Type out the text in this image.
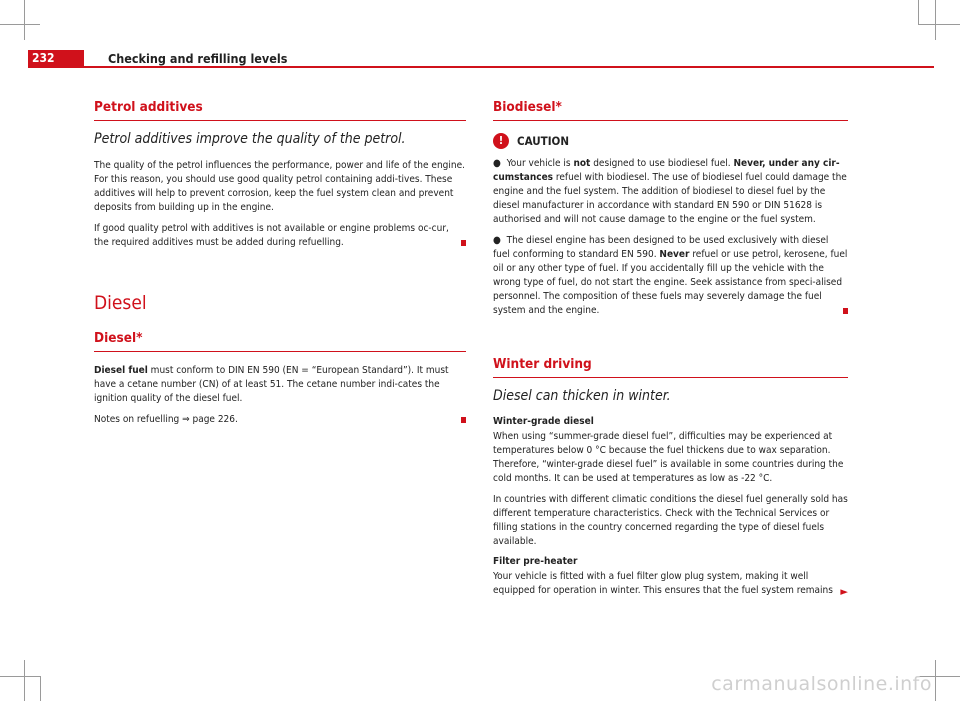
232	Checking and refilling levels
Petrol additives
Petrol additives improve the quality of the petrol.

The quality of the petrol influences the performance, power and life of the engine. For this reason, you should use good quality petrol containing addi-tives. These additives will help to prevent corrosion, keep the fuel system clean and prevent deposits from building up in the engine.

If good quality petrol with additives is not available or engine problems oc-cur, the required additives must be added during refuelling.

Diesel
Diesel*

Diesel fuel must conform to DIN EN 590 (EN = “European Standard”). It must have a cetane number (CN) of at least 51. The cetane number indi-cates the ignition quality of the diesel fuel.

Notes on refuelling ⇒ page 226.

Biodiesel*
!	CAUTION

●  Your vehicle is not designed to use biodiesel fuel. Never, under any cir-cumstances refuel with biodiesel. The use of biodiesel fuel could damage the engine and the fuel system. The addition of biodiesel to diesel fuel by the diesel manufacturer in accordance with standard EN 590 or DIN 51628 is authorised and will not cause damage to the engine or the fuel system.

●  The diesel engine has been designed to be used exclusively with diesel fuel conforming to standard EN 590. Never refuel or use petrol, kerosene, fuel oil or any other type of fuel. If you accidentally fill up the vehicle with the wrong type of fuel, do not start the engine. Seek assistance from speci-alised personnel. The composition of these fuels may severely damage the fuel system and the engine.

Winter driving
Diesel can thicken in winter.
Winter-grade diesel

When using “summer-grade diesel fuel”, difficulties may be experienced at temperatures below 0 °C because the fuel thickens due to wax separation. Therefore, “winter-grade diesel fuel” is available in some countries during the cold months. It can be used at temperatures as low as -22 °C.

In countries with different climatic conditions the diesel fuel generally sold has different temperature characteristics. Check with the Technical Services or filling stations in the country concerned regarding the type of diesel fuels available.

Filter pre-heater

Your vehicle is fitted with a fuel filter glow plug system, making it well equipped for operation in winter. This ensures that the fuel system remains ►

carmanualsonline.info
